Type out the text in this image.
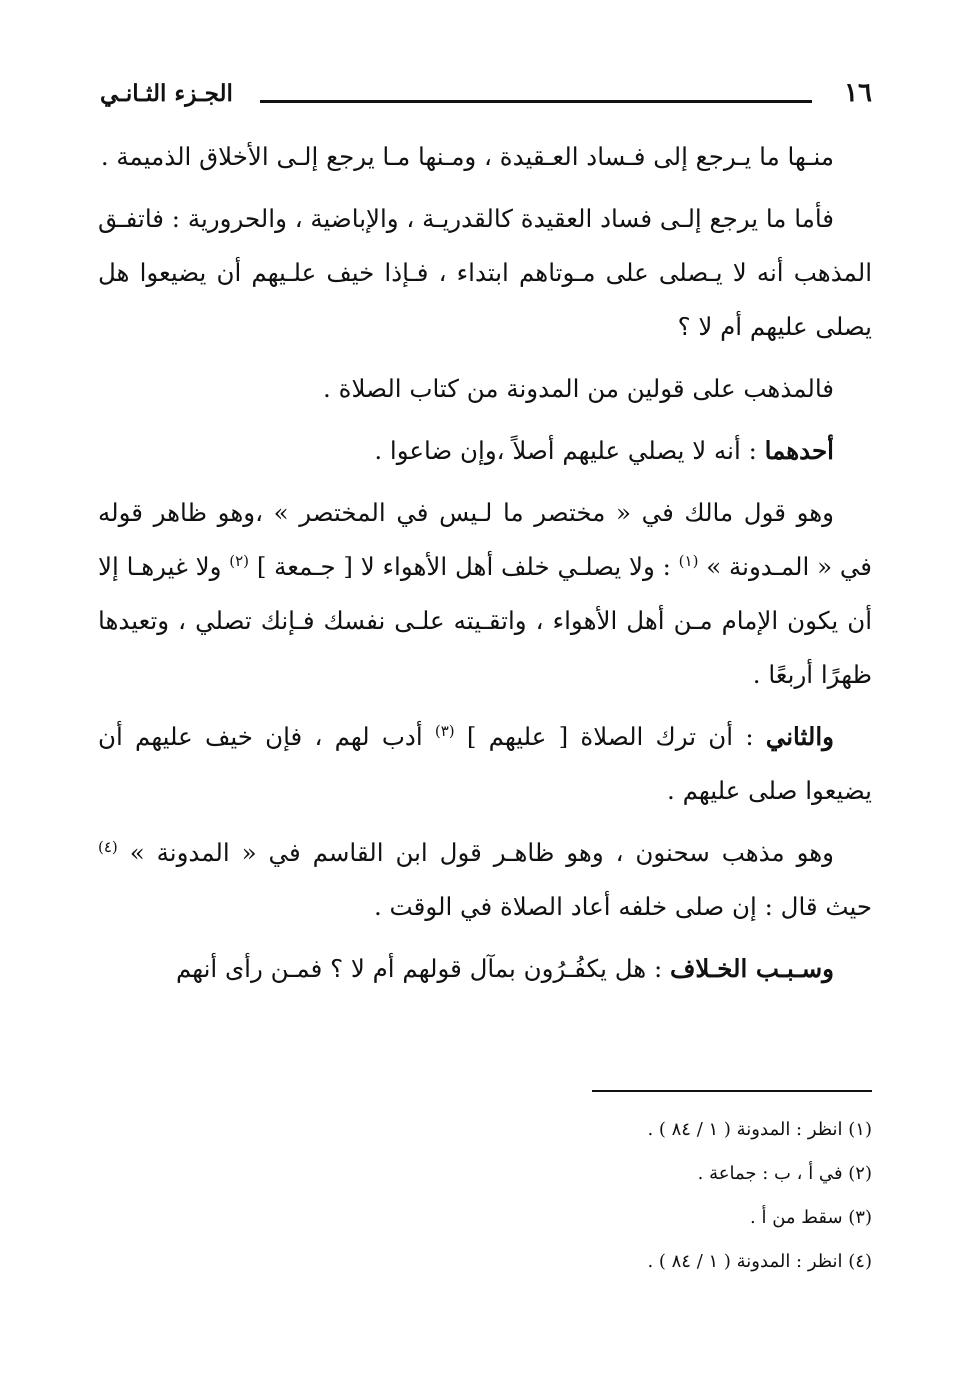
١٦
الجـزء الثـانـي

منـها ما يـرجع إلى فـساد العـقيدة ، ومـنها مـا يرجع إلـى الأخلاق الذميمة .

فأما ما يرجع إلـى فساد العقيدة كالقدريـة ، والإباضية ، والحرورية : فاتفـق المذهب أنه لا يـصلى على مـوتاهم ابتداء ، فـإذا خيف علـيهم أن يضيعوا هل يصلى عليهم أم لا ؟

فالمذهب على قولين من المدونة من كتاب الصلاة .

أحدهما : أنه لا يصلي عليهم أصلاً ،وإن ضاعوا .

وهو قول مالك في « مختصر ما لـيس في المختصر » ،وهو ظاهر قوله في « المـدونة » $^{(١)}$ : ولا يصلـي خلف أهل الأهواء لا [ جـمعة ] $^{(٢)}$ ولا غيرهـا إلا أن يكون الإمام مـن أهل الأهواء ، واتقـيته علـى نفسك فـإنك تصلي ، وتعيدها ظهرًا أربعًا .

والثاني : أن ترك الصلاة [ عليهم ] $^{(٣)}$ أدب لهم ، فإن خيف عليهم أن يضيعوا صلى عليهم .

وهو مذهب سحنون ، وهو ظاهـر قول ابن القاسم في « المدونة » $^{(٤)}$ حيث قال : إن صلى خلفه أعاد الصلاة في الوقت .

وسـبـب الخـلاف : هل يكفُـرُون بمآل قولهم أم لا ؟ فمـن رأى أنهم

(١) انظر : المدونة ( ١ / ٨٤ ) .

(٢) في أ ، ب : جماعة .

(٣) سقط من أ .

(٤) انظر : المدونة ( ١ / ٨٤ ) .
